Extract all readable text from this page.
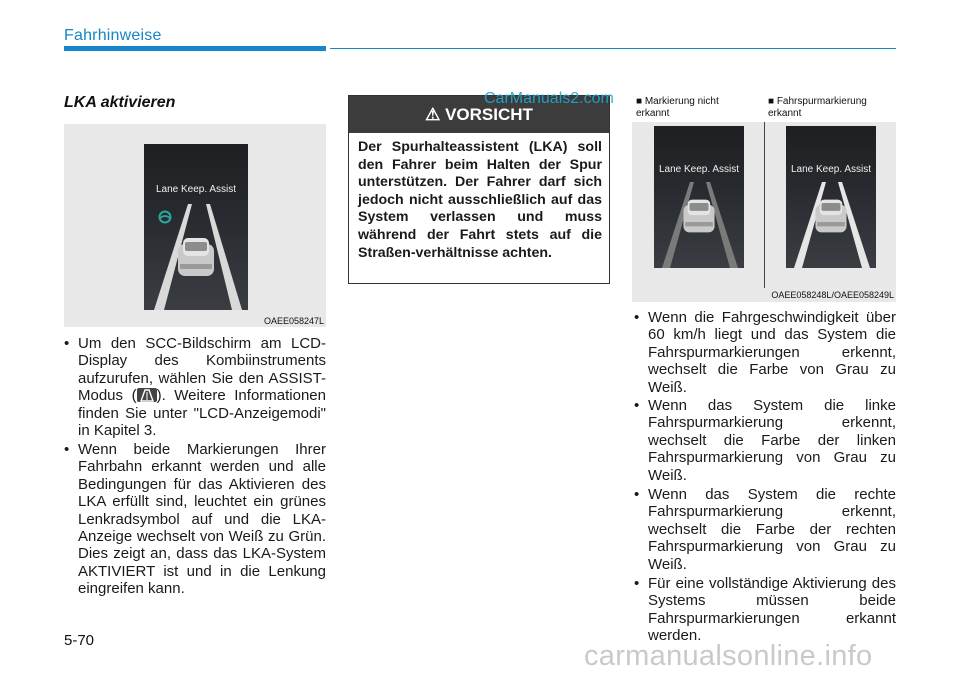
Fahrhinweise
LKA aktivieren
Lane Keep. Assist
OAEE058247L
• Um den SCC-Bildschirm am LCD-Display des Kombiinstruments aufzurufen, wählen Sie den ASSIST-Modus ( ). Weitere Informationen finden Sie unter "LCD-Anzeigemodi" in Kapitel 3.

• Wenn beide Markierungen Ihrer Fahrbahn erkannt werden und alle Bedingungen für das Aktivieren des LKA erfüllt sind, leuchtet ein grünes Lenkradsymbol auf und die LKA-Anzeige wechselt von Weiß zu Grün. Dies zeigt an, dass das LKA-System AKTIVIERT ist und in die Lenkung eingreifen kann.

⚠ VORSICHT
Der Spurhalteassistent (LKA) soll den Fahrer beim Halten der Spur unterstützen. Der Fahrer darf sich jedoch nicht ausschließlich auf das System verlassen und muss während der Fahrt stets auf die Straßen-verhältnisse achten.
CarManuals2.com ■ Markierung nicht erkannt
■ Fahrspurmarkierung erkannt
Lane Keep. Assist	Lane Keep. Assist
OAEE058248L/OAEE058249L
• Wenn die Fahrgeschwindigkeit über 60 km/h liegt und das System die Fahrspurmarkierungen erkennt, wechselt die Farbe von Grau zu Weiß.

• Wenn das System die linke Fahrspurmarkierung erkennt, wechselt die Farbe der linken Fahrspurmarkierung von Grau zu Weiß.

• Wenn das System die rechte Fahrspurmarkierung erkennt, wechselt die Farbe der rechten Fahrspurmarkierung von Grau zu Weiß.

• Für eine vollständige Aktivierung des Systems müssen beide Fahrspurmarkierungen erkannt werden.

5-70	carmanualsonline.info
